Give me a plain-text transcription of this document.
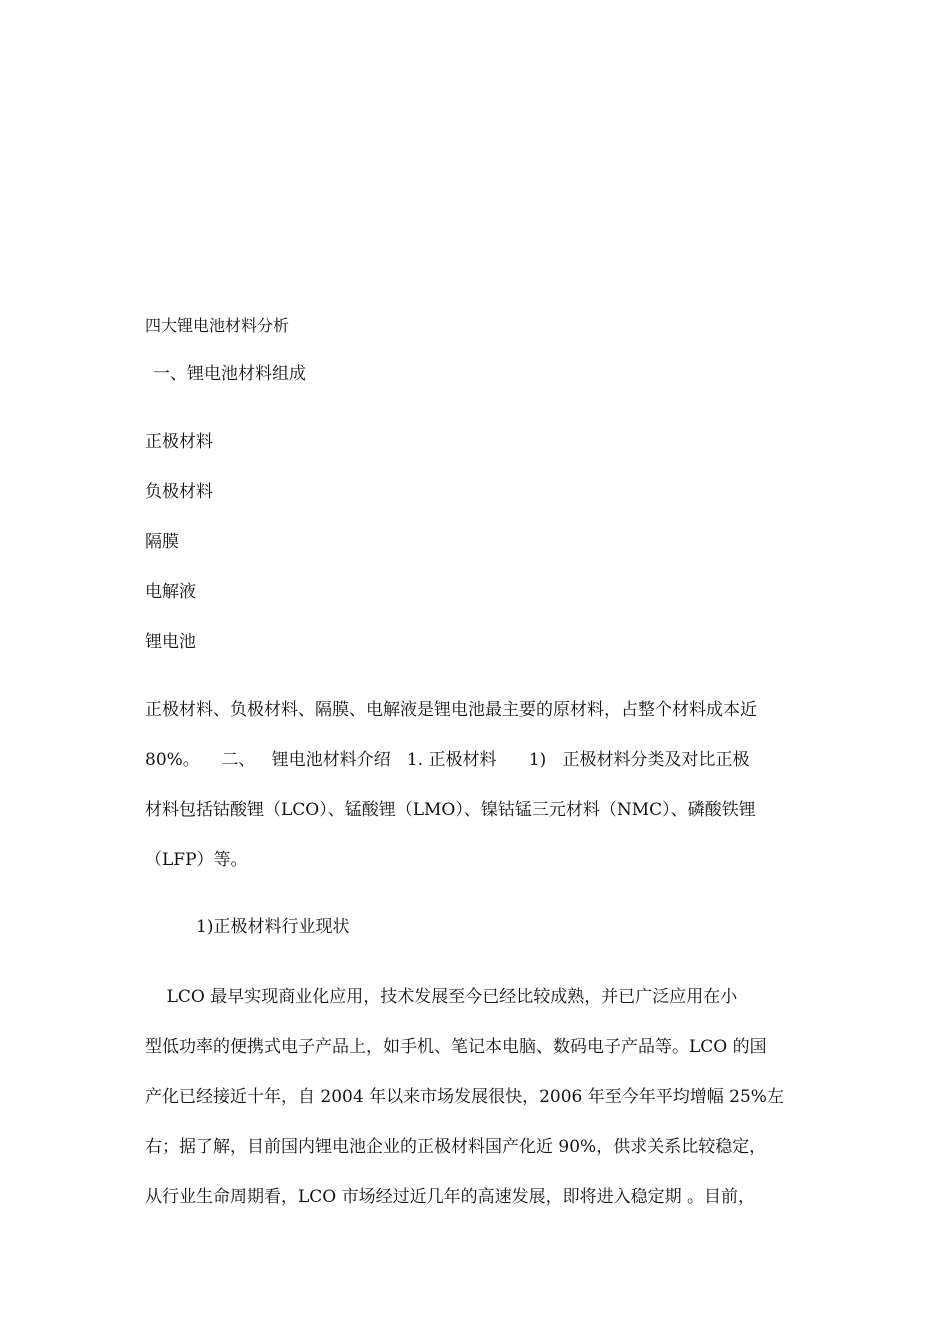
四大锂电池材料分析
一、锂电池材料组成
正极材料
负极材料
隔膜
电解液
锂电池
正极材料、负极材料、隔膜、电解液是锂电池最主要的原材料，占整个材料成本近
80%。    二、   锂电池材料介绍   1. 正极材料      1)   正极材料分类及对比正极
材料包括钴酸锂（LCO）、锰酸锂（LMO）、镍钴锰三元材料（NMC）、磷酸铁锂
（LFP）等。
1)正极材料行业现状
LCO 最早实现商业化应用，技术发展至今已经比较成熟，并已广泛应用在小
型低功率的便携式电子产品上，如手机、笔记本电脑、数码电子产品等。LCO 的国
产化已经接近十年，自 2004 年以来市场发展很快，2006 年至今年平均增幅 25%左
右；据了解，目前国内锂电池企业的正极材料国产化近 90%，供求关系比较稳定，
从行业生命周期看，LCO 市场经过近几年的高速发展，即将进入稳定期 。目前，
